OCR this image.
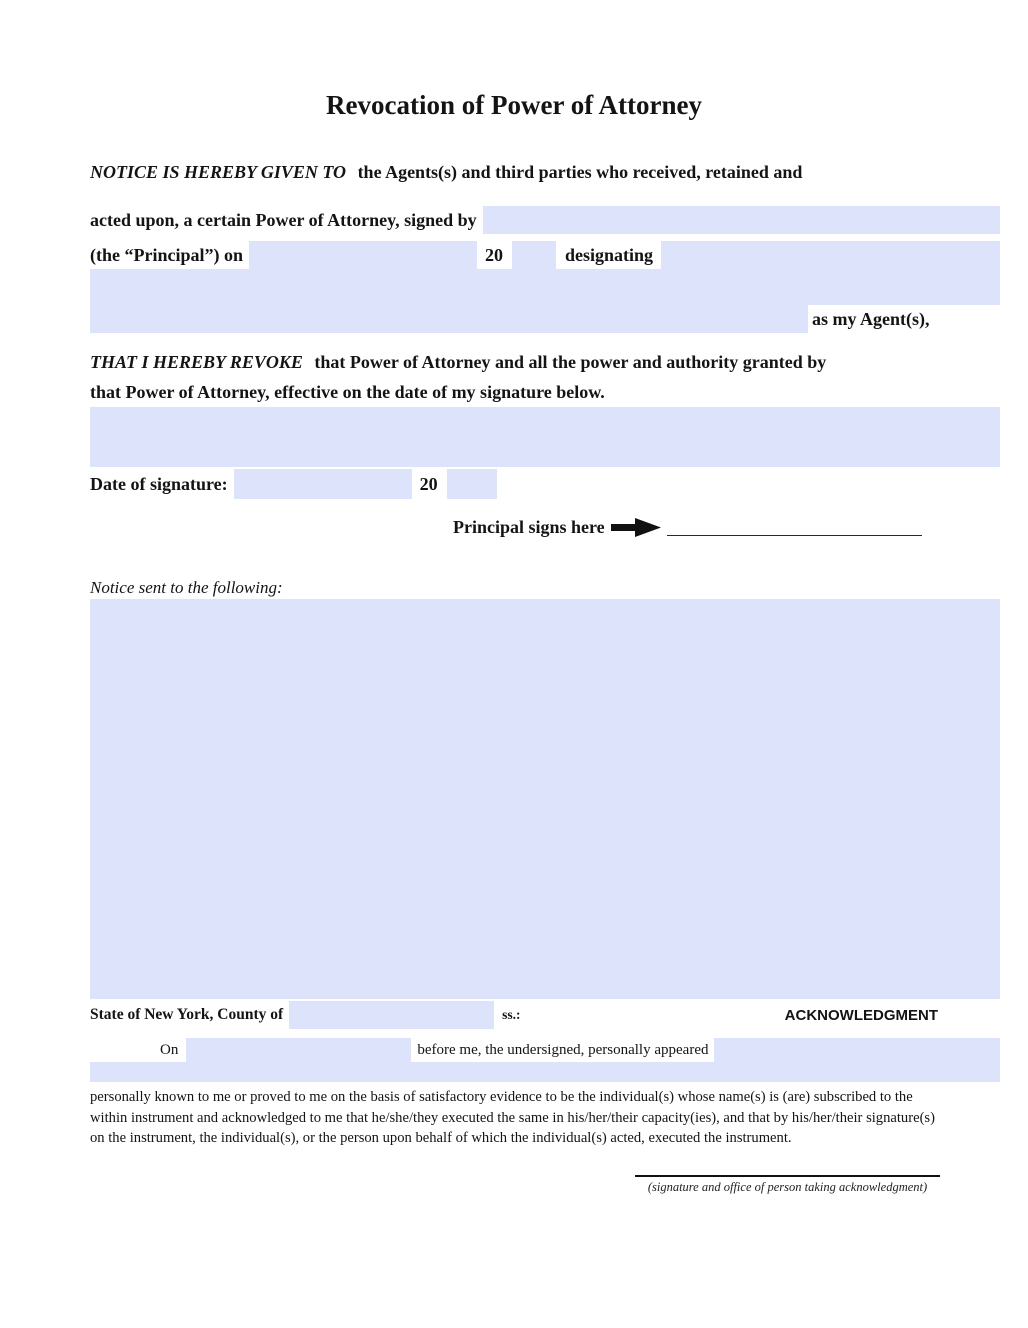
Revocation of Power of Attorney

NOTICE IS HEREBY GIVEN TO the Agents(s) and third parties who received, retained and

acted upon, a certain Power of Attorney, signed by
(the “Principal”) on	20	designating
as my Agent(s),

THAT I HEREBY REVOKE that Power of Attorney and all the power and authority granted by

that Power of Attorney, effective on the date of my signature below.

Date of signature:	20
Principal signs here

Notice sent to the following:

State of New York, County of	ss.:	ACKNOWLEDGMENT
On	before me, the undersigned, personally appeared

personally known to me or proved to me on the basis of satisfactory evidence to be the individual(s) whose name(s) is (are) subscribed to the within instrument and acknowledged to me that he/she/they executed the same in his/her/their capacity(ies), and that by his/her/their signature(s) on the instrument, the individual(s), or the person upon behalf of which the individual(s) acted, executed the instrument.

(signature and office of person taking acknowledgment)
